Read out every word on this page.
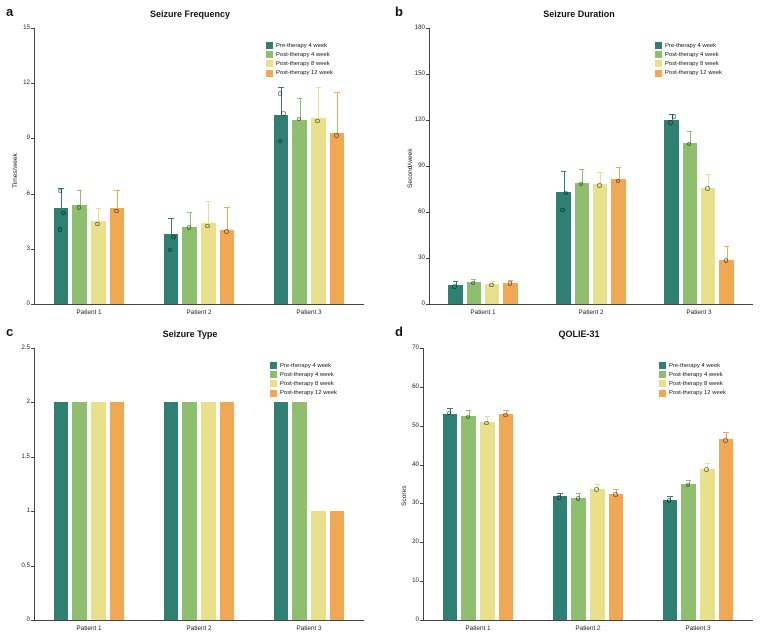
a	Seizure Frequency
0
3
6
9
12
15
Times/week
Patient 1	Patient 2	Patient 3
Pre-therapy 4 week
Post-therapy 4 week
Post-therapy 8 week
Post-therapy 12 week
b	Seizure Duration
0
30
60
90
120
150
180
Second/week
Patient 1	Patient 2	Patient 3
Pre-therapy 4 week
Post-therapy 4 week
Post-therapy 8 week
Post-therapy 12 week
c	Seizure Type
0
0.5
1
1.5
2
2.5
Patient 1	Patient 2	Patient 3
Pre-therapy 4 week
Post-therapy 4 week
Post-therapy 8 week
Post-therapy 12 week
d	QOLIE-31
0
10
20
30
40
50
60
70
Scores
Patient 1	Patient 2	Patient 3
Pre-therapy 4 week
Post-therapy 4 week
Post-therapy 8 week
Post-therapy 12 week
